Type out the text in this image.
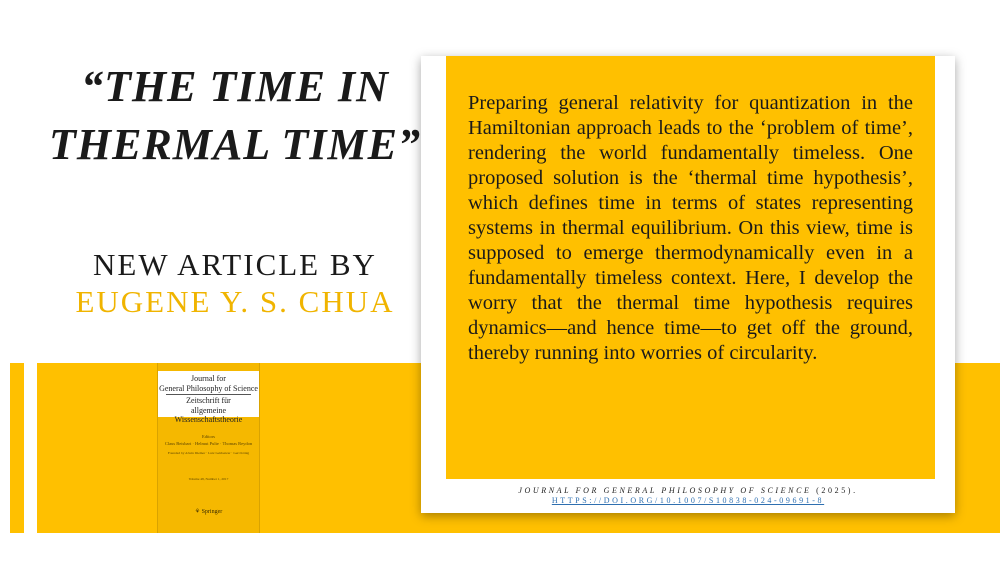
“THE TIME IN THERMAL TIME”

NEW ARTICLE BY

EUGENE Y. S. CHUA

Journal for
General Philosophy of Science
Zeitschrift für
allgemeine Wissenschaftstheorie
Editors
Claus Beisbart · Helmut Pulte · Thomas Reydon
Founded by Alwin Diemer · Lutz Geldsetzer · Gert König
Volume 48, Number 1, 2017
⚘ Springer

Preparing general relativity for quantization in the Hamiltonian approach leads to the ‘problem of time’, rendering the world fundamentally timeless. One proposed solution is the ‘thermal time hypothesis’, which defines time in terms of states representing systems in thermal equilibrium. On this view, time is supposed to emerge thermodynamically even in a fundamentally timeless context. Here, I develop the worry that the thermal time hypothesis requires dynamics—and hence time—to get off the ground, thereby running into worries of circularity.

JOURNAL FOR GENERAL PHILOSOPHY OF SCIENCE (2025).
HTTPS://DOI.ORG/10.1007/S10838-024-09691-8
